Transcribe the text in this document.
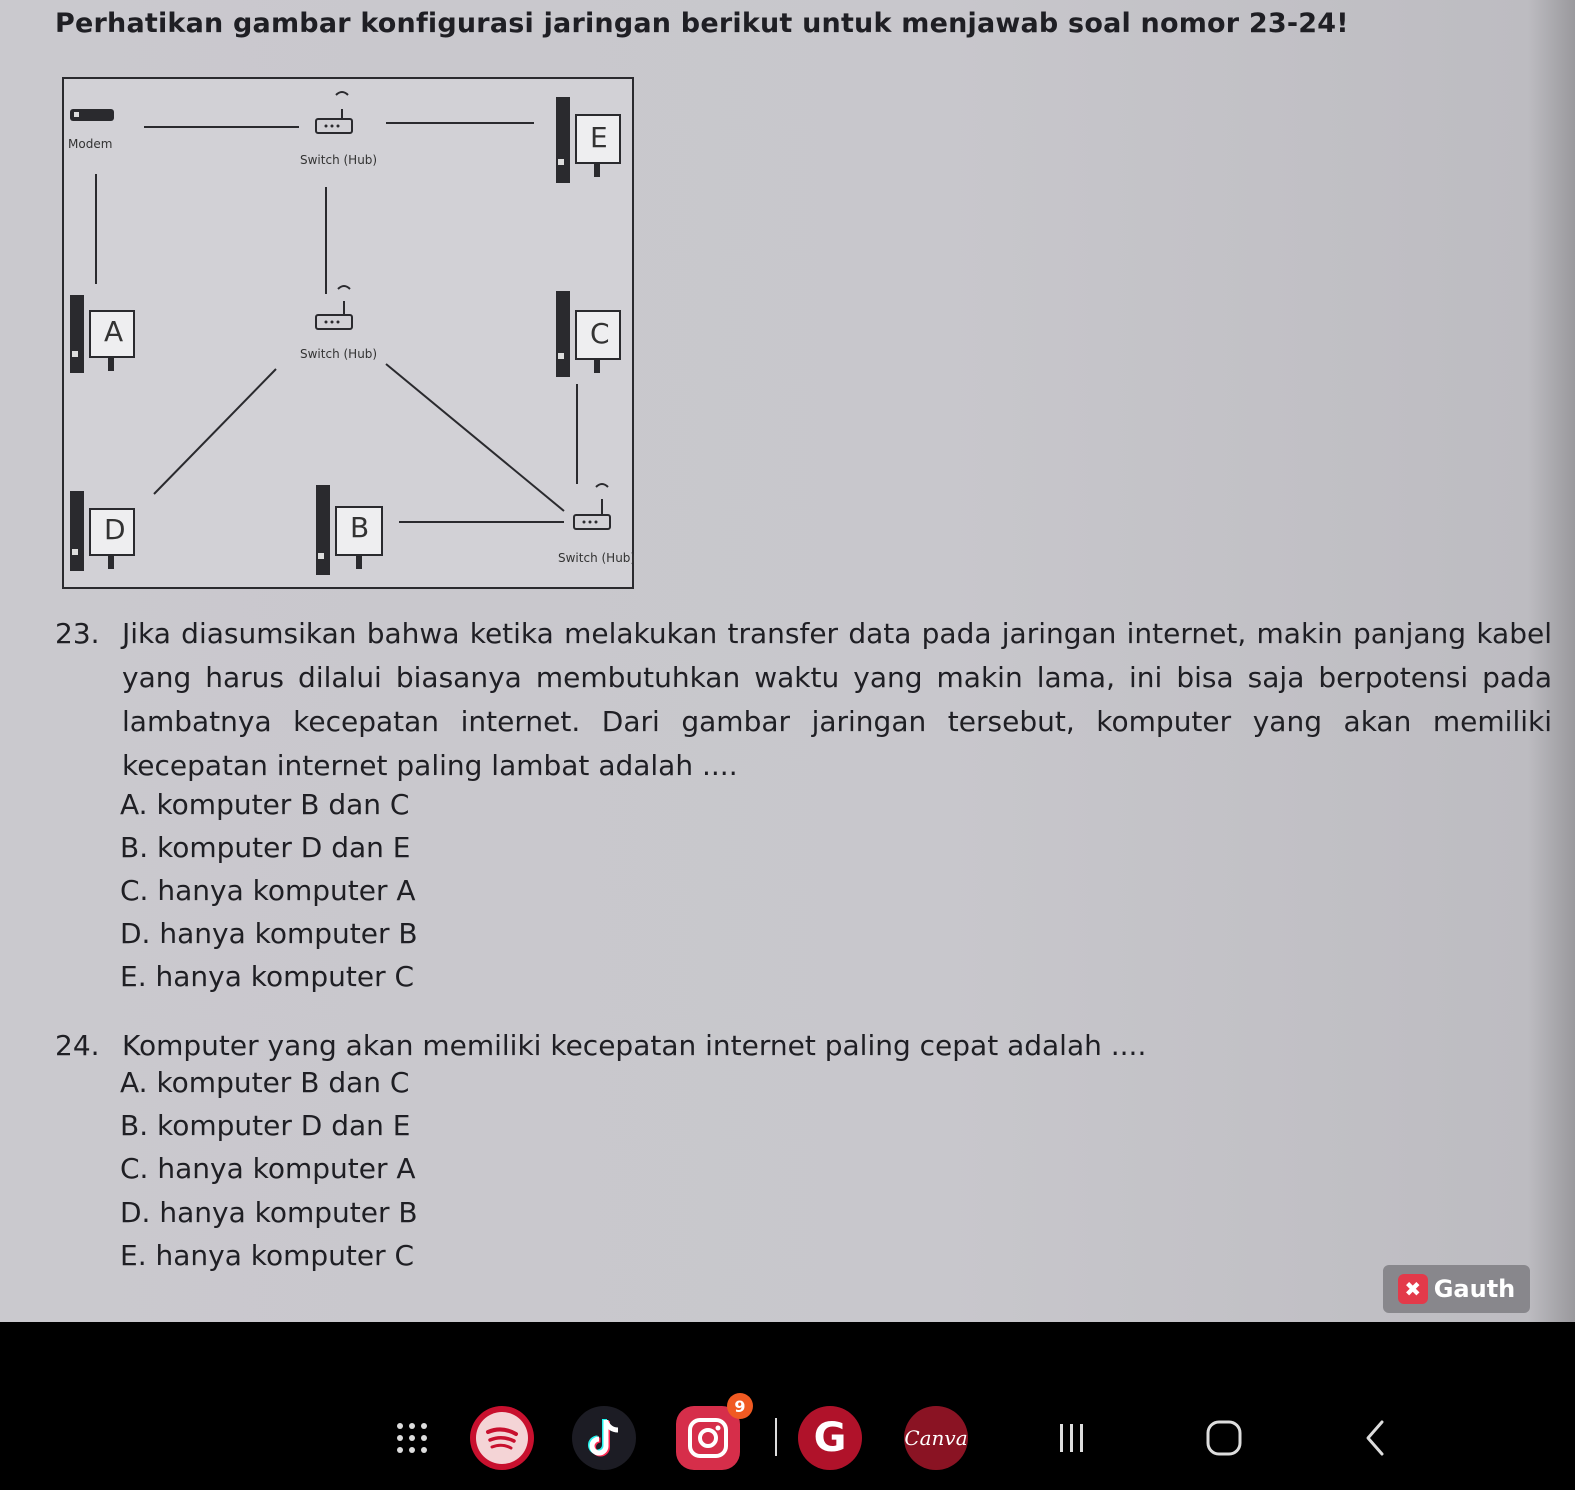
Perhatikan gambar konfigurasi jaringan berikut untuk menjawab soal nomor 23-24!
Modem
Switch (Hub)
Switch (Hub)
Switch (Hub)
E
A	C
D	B
23. Jika diasumsikan bahwa ketika melakukan transfer data pada jaringan internet, makin panjang kabel yang harus dilalui biasanya membutuhkan waktu yang makin lama, ini bisa saja berpotensi pada lambatnya kecepatan internet. Dari gambar jaringan tersebut, komputer yang akan memiliki kecepatan internet paling lambat adalah ....
A. komputer B dan C
B. komputer D dan E
C. hanya komputer A
D. hanya komputer B
E. hanya komputer C
24. Komputer yang akan memiliki kecepatan internet paling cepat adalah ....
A. komputer B dan C
B. komputer D dan E
C. hanya komputer A
D. hanya komputer B
E. hanya komputer C
✖ Gauth
9
G	Canva
